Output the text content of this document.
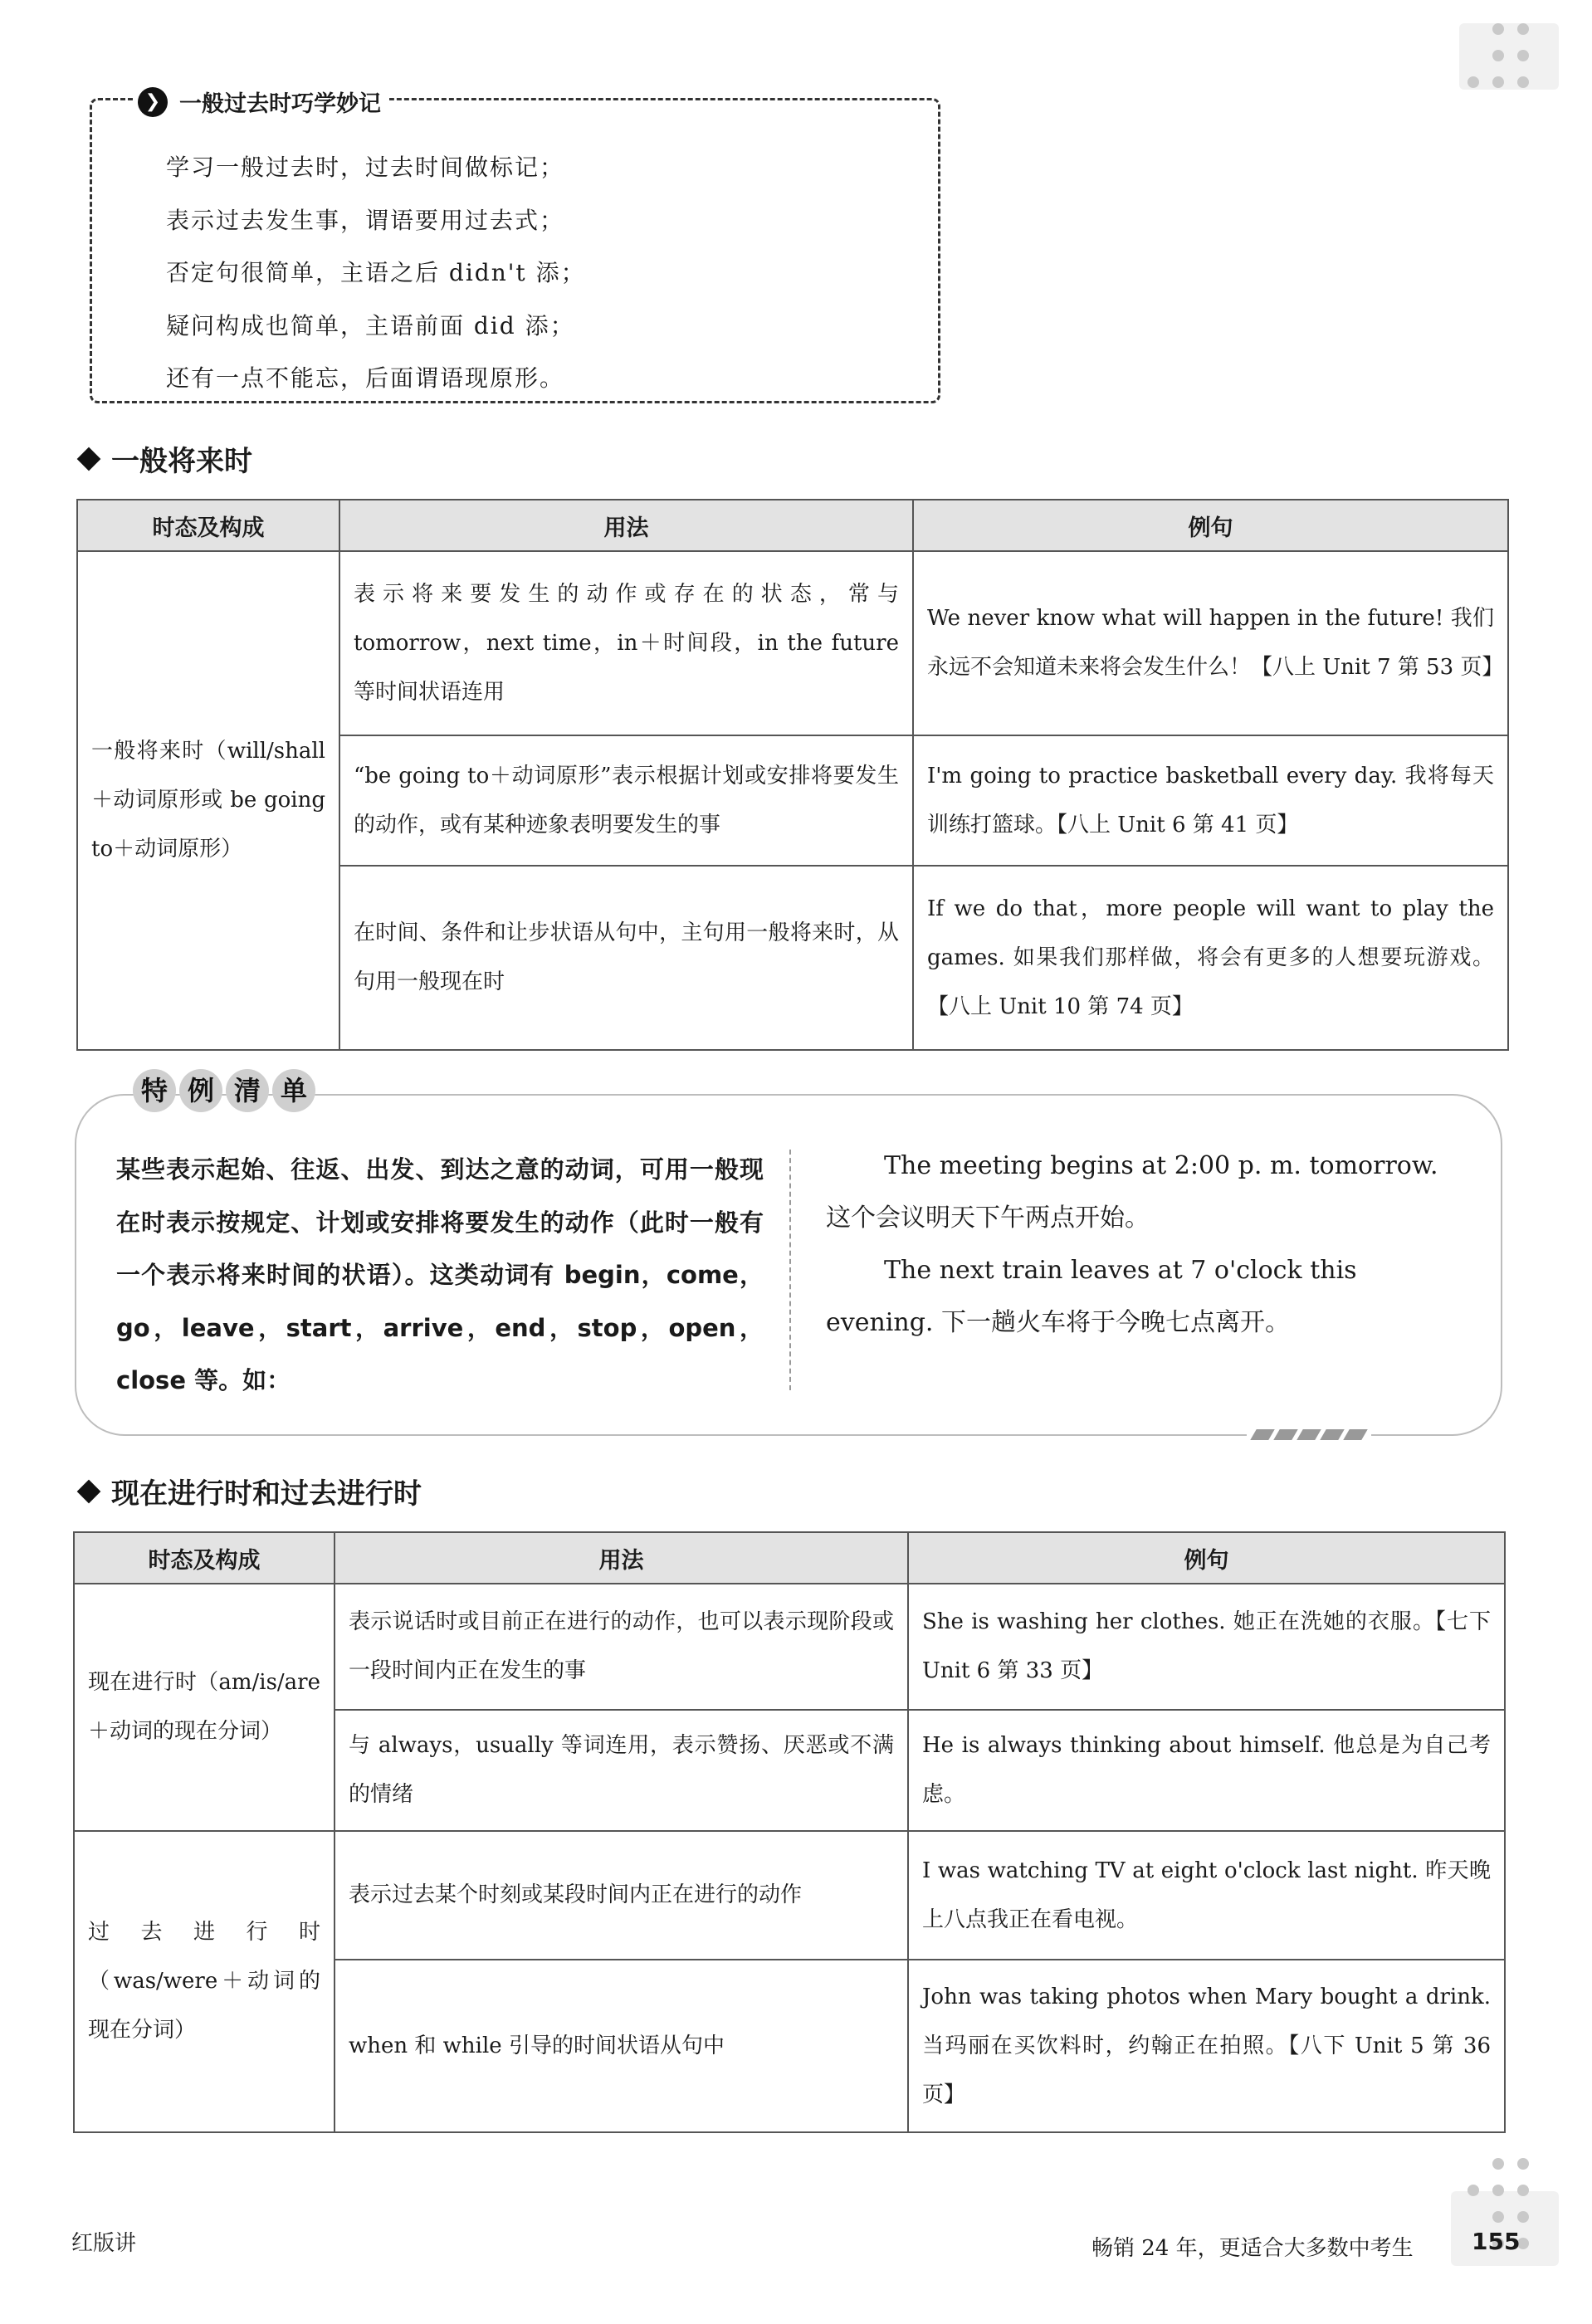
❯ 一般过去时巧学妙记
学习一般过去时，过去时间做标记；
表示过去发生事，谓语要用过去式；
否定句很简单，主语之后 didn't 添；
疑问构成也简单，主语前面 did 添；
还有一点不能忘，后面谓语现原形。
一般将来时
时态及构成	用法	例句
一般将来时（will/shall＋动词原形或 be going to＋动词原形）	表示将来要发生的动作或存在的状态，常与 tomorrow，next time，in＋时间段，in the future 等时间状语连用	We never know what will happen in the future! 我们永远不会知道未来将会发生什么！【八上 Unit 7 第 53 页】
	“be going to＋动词原形”表示根据计划或安排将要发生的动作，或有某种迹象表明要发生的事	I'm going to practice basketball every day. 我将每天训练打篮球。【八上 Unit 6 第 41 页】
	在时间、条件和让步状语从句中，主句用一般将来时，从句用一般现在时	If we do that，more people will want to play the games. 如果我们那样做，将会有更多的人想要玩游戏。【八上 Unit 10 第 74 页】
特 例 清 单
某些表示起始、往返、出发、到达之意的动词，可用一般现在时表示按规定、计划或安排将要发生的动作（此时一般有一个表示将来时间的状语）。这类动词有 begin，come，go，leave，start，arrive，end，stop，open，close 等。如：

The meeting begins at 2:00 p. m. tomorrow. 这个会议明天下午两点开始。

The next train leaves at 7 o'clock this evening. 下一趟火车将于今晚七点离开。

现在进行时和过去进行时
时态及构成	用法	例句
现在进行时（am/is/are＋动词的现在分词）	表示说话时或目前正在进行的动作，也可以表示现阶段或一段时间内正在发生的事	She is washing her clothes. 她正在洗她的衣服。【七下 Unit 6 第 33 页】
	与 always，usually 等词连用，表示赞扬、厌恶或不满的情绪	He is always thinking about himself. 他总是为自己考虑。
过去进行时（was/were＋动词的现在分词）	表示过去某个时刻或某段时间内正在进行的动作	I was watching TV at eight o'clock last night. 昨天晚上八点我正在看电视。
	when 和 while 引导的时间状语从句中	John was taking photos when Mary bought a drink. 当玛丽在买饮料时，约翰正在拍照。【八下 Unit 5 第 36 页】
红版讲	畅销 24 年，更适合大多数中考生	155
